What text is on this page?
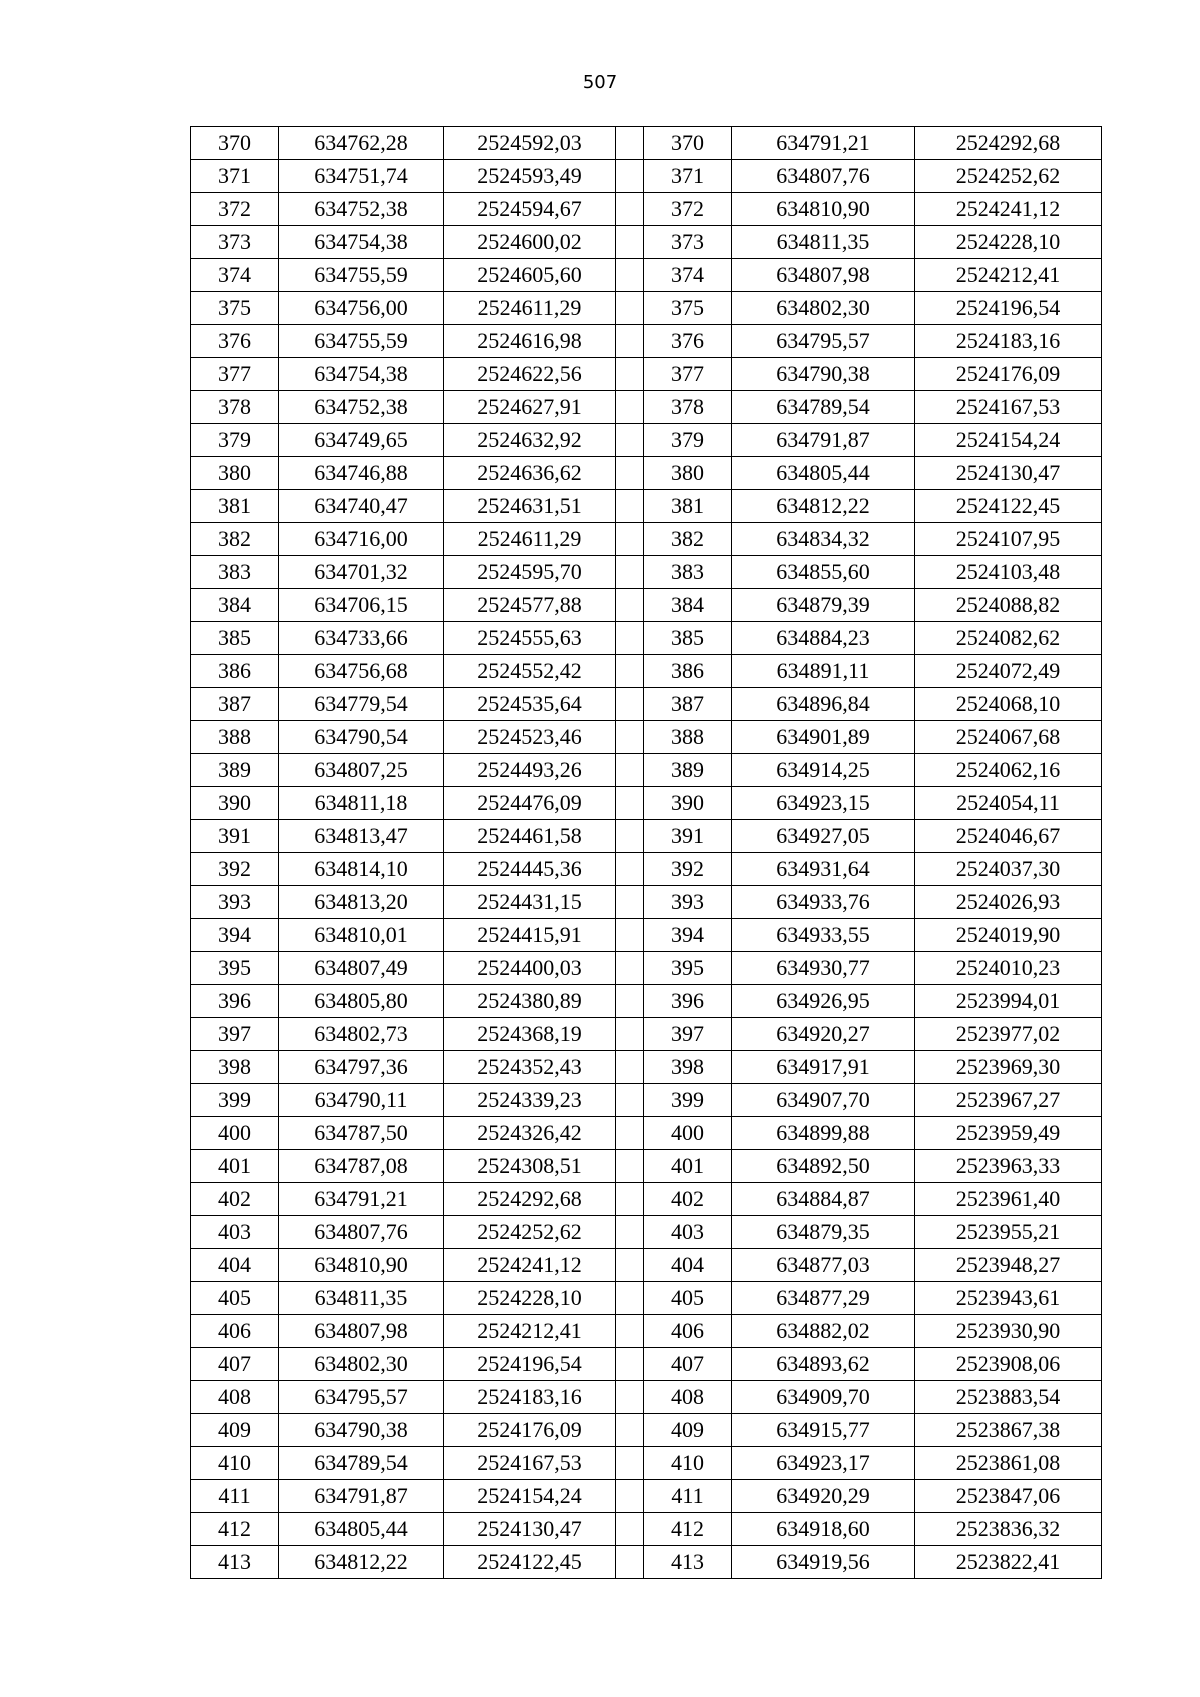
507
370	634762,28	2524592,03		370	634791,21	2524292,68
371	634751,74	2524593,49		371	634807,76	2524252,62
372	634752,38	2524594,67		372	634810,90	2524241,12
373	634754,38	2524600,02		373	634811,35	2524228,10
374	634755,59	2524605,60		374	634807,98	2524212,41
375	634756,00	2524611,29		375	634802,30	2524196,54
376	634755,59	2524616,98		376	634795,57	2524183,16
377	634754,38	2524622,56		377	634790,38	2524176,09
378	634752,38	2524627,91		378	634789,54	2524167,53
379	634749,65	2524632,92		379	634791,87	2524154,24
380	634746,88	2524636,62		380	634805,44	2524130,47
381	634740,47	2524631,51		381	634812,22	2524122,45
382	634716,00	2524611,29		382	634834,32	2524107,95
383	634701,32	2524595,70		383	634855,60	2524103,48
384	634706,15	2524577,88		384	634879,39	2524088,82
385	634733,66	2524555,63		385	634884,23	2524082,62
386	634756,68	2524552,42		386	634891,11	2524072,49
387	634779,54	2524535,64		387	634896,84	2524068,10
388	634790,54	2524523,46		388	634901,89	2524067,68
389	634807,25	2524493,26		389	634914,25	2524062,16
390	634811,18	2524476,09		390	634923,15	2524054,11
391	634813,47	2524461,58		391	634927,05	2524046,67
392	634814,10	2524445,36		392	634931,64	2524037,30
393	634813,20	2524431,15		393	634933,76	2524026,93
394	634810,01	2524415,91		394	634933,55	2524019,90
395	634807,49	2524400,03		395	634930,77	2524010,23
396	634805,80	2524380,89		396	634926,95	2523994,01
397	634802,73	2524368,19		397	634920,27	2523977,02
398	634797,36	2524352,43		398	634917,91	2523969,30
399	634790,11	2524339,23		399	634907,70	2523967,27
400	634787,50	2524326,42		400	634899,88	2523959,49
401	634787,08	2524308,51		401	634892,50	2523963,33
402	634791,21	2524292,68		402	634884,87	2523961,40
403	634807,76	2524252,62		403	634879,35	2523955,21
404	634810,90	2524241,12		404	634877,03	2523948,27
405	634811,35	2524228,10		405	634877,29	2523943,61
406	634807,98	2524212,41		406	634882,02	2523930,90
407	634802,30	2524196,54		407	634893,62	2523908,06
408	634795,57	2524183,16		408	634909,70	2523883,54
409	634790,38	2524176,09		409	634915,77	2523867,38
410	634789,54	2524167,53		410	634923,17	2523861,08
411	634791,87	2524154,24		411	634920,29	2523847,06
412	634805,44	2524130,47		412	634918,60	2523836,32
413	634812,22	2524122,45		413	634919,56	2523822,41
